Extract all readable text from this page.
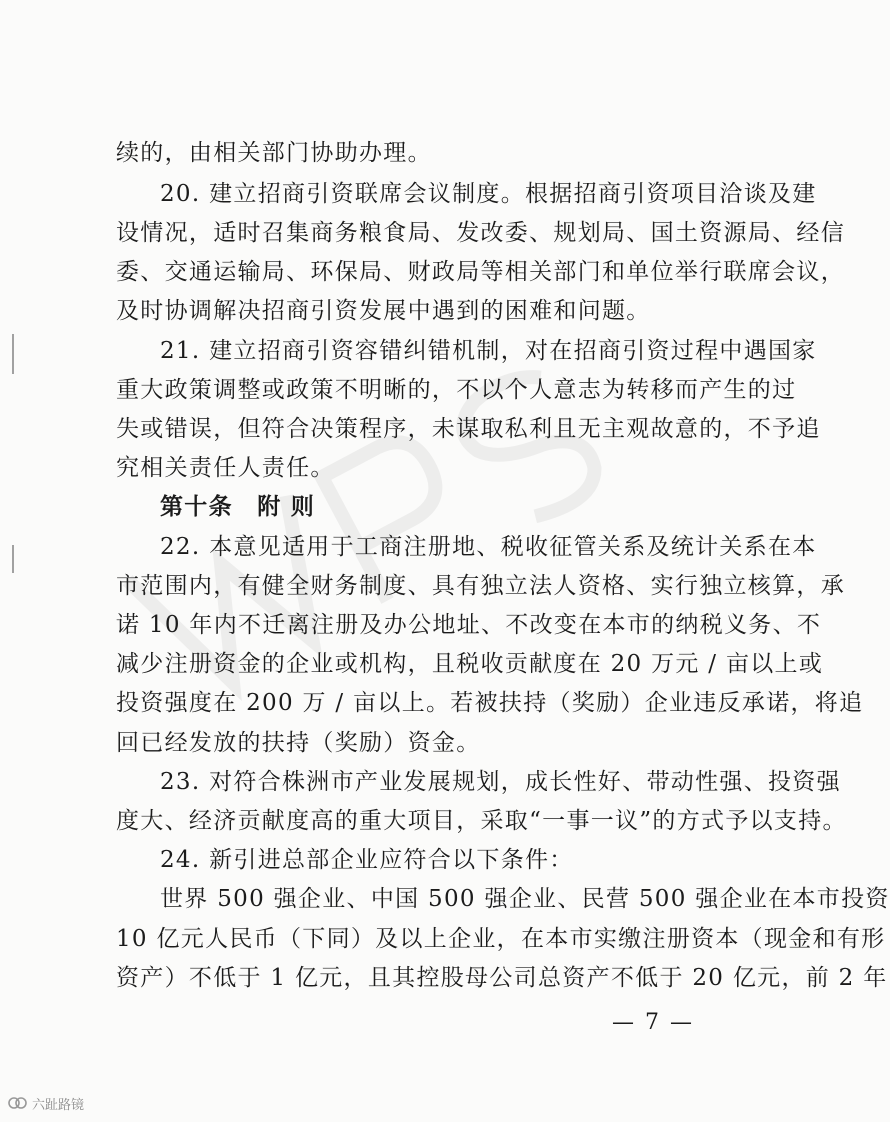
续的，由相关部门协助办理。
20. 建立招商引资联席会议制度。根据招商引资项目洽谈及建
设情况，适时召集商务粮食局、发改委、规划局、国土资源局、经信
委、交通运输局、环保局、财政局等相关部门和单位举行联席会议，
及时协调解决招商引资发展中遇到的困难和问题。
21. 建立招商引资容错纠错机制，对在招商引资过程中遇国家
重大政策调整或政策不明晰的，不以个人意志为转移而产生的过
失或错误，但符合决策程序，未谋取私利且无主观故意的，不予追
究相关责任人责任。
第十条　附 则
22. 本意见适用于工商注册地、税收征管关系及统计关系在本
市范围内，有健全财务制度、具有独立法人资格、实行独立核算，承
诺 10 年内不迁离注册及办公地址、不改变在本市的纳税义务、不
减少注册资金的企业或机构，且税收贡献度在 20 万元 / 亩以上或
投资强度在 200 万 / 亩以上。若被扶持（奖励）企业违反承诺，将追
回已经发放的扶持（奖励）资金。
23. 对符合株洲市产业发展规划，成长性好、带动性强、投资强
度大、经济贡献度高的重大项目，采取“一事一议”的方式予以支持。
24. 新引进总部企业应符合以下条件：
世界 500 强企业、中国 500 强企业、民营 500 强企业在本市投资
10 亿元人民币（下同）及以上企业，在本市实缴注册资本（现金和有形
资产）不低于 1 亿元，且其控股母公司总资产不低于 20 亿元，前 2 年
— 7 —
六趾路镜
